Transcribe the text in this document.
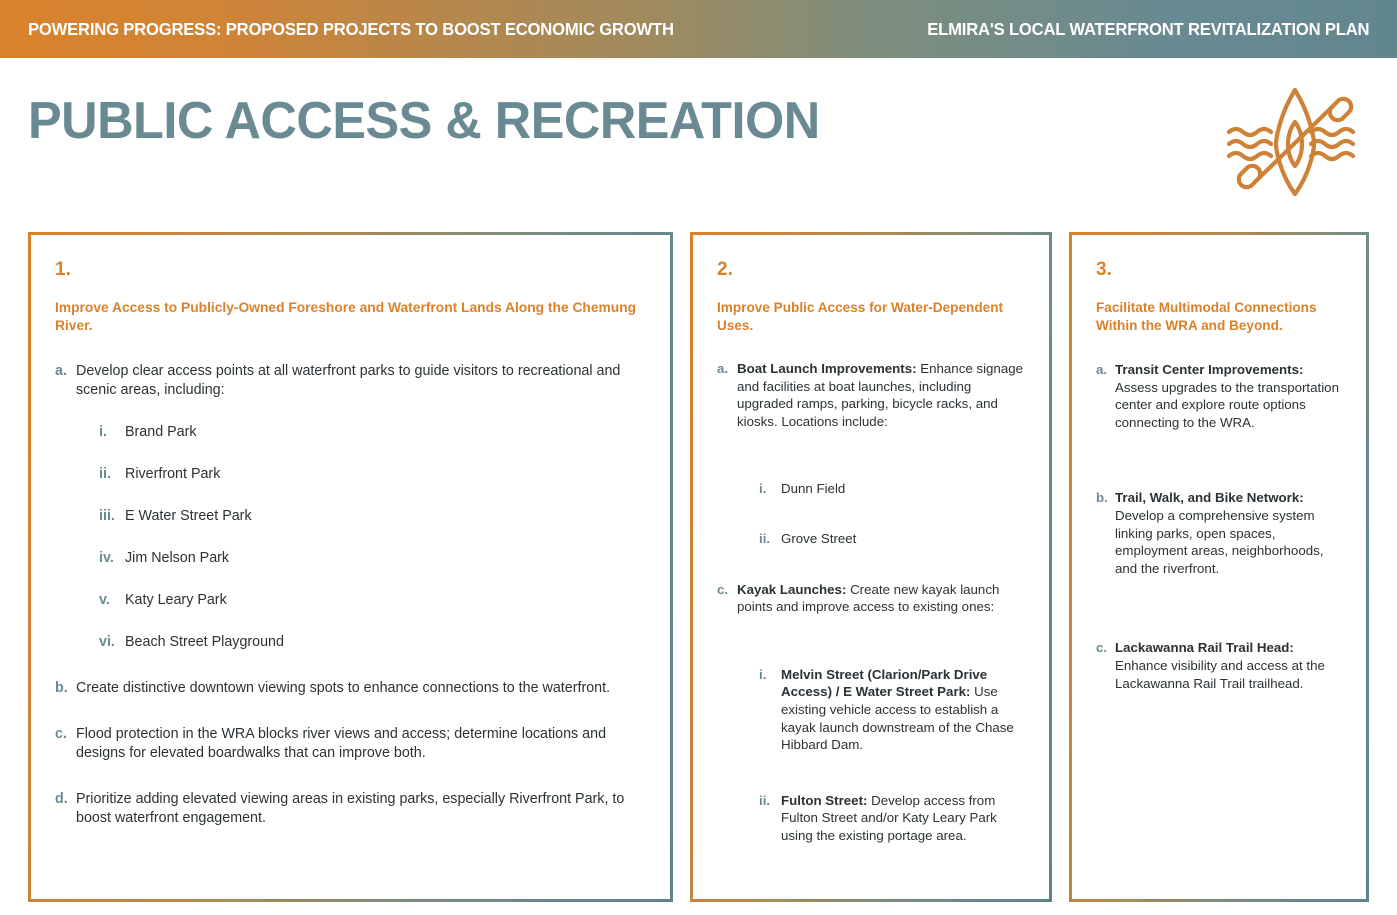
POWERING PROGRESS: PROPOSED PROJECTS TO BOOST ECONOMIC GROWTH	ELMIRA'S LOCAL WATERFRONT REVITALIZATION PLAN
PUBLIC ACCESS & RECREATION
1.
Improve Access to Publicly-Owned Foreshore and Waterfront Lands Along the Chemung River.
a. Develop clear access points at all waterfront parks to guide visitors to recreational and scenic areas, including:
i.	Brand Park
ii. Riverfront Park
iii. E Water Street Park
iv. Jim Nelson Park
v.	Katy Leary Park
vi. Beach Street Playground
b. Create distinctive downtown viewing spots to enhance connections to the waterfront.
c. Flood protection in the WRA blocks river views and access; determine locations and designs for elevated boardwalks that can improve both.
d. Prioritize adding elevated viewing areas in existing parks, especially Riverfront Park, to boost waterfront engagement.
2.
Improve Public Access for Water-Dependent Uses.
a. Boat Launch Improvements: Enhance signage and facilities at boat launches, including upgraded ramps, parking, bicycle racks, and kiosks. Locations include:
i.	Dunn Field
ii. Grove Street
c. Kayak Launches: Create new kayak launch points and improve access to existing ones:
i.	Melvin Street (Clarion/Park Drive Access) / E Water Street Park: Use existing vehicle access to establish a kayak launch downstream of the Chase Hibbard Dam.
ii. Fulton Street: Develop access from Fulton Street and/or Katy Leary Park using the existing portage area.
3.
Facilitate Multimodal Connections Within the WRA and Beyond.
a. Transit Center Improvements: Assess upgrades to the transportation center and explore route options connecting to the WRA.
b. Trail, Walk, and Bike Network: Develop a comprehensive system linking parks, open spaces, employment areas, neighborhoods, and the riverfront.
c. Lackawanna Rail Trail Head: Enhance visibility and access at the Lackawanna Rail Trail trailhead.
